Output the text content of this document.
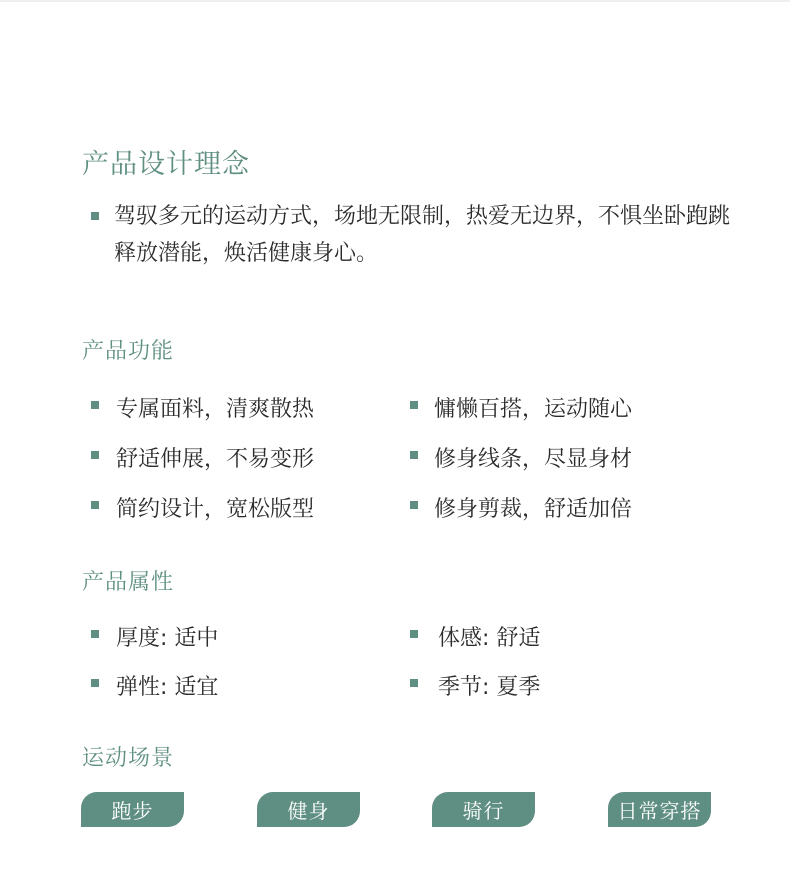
产品设计理念
驾驭多元的运动方式，场地无限制，热爱无边界，不惧坐卧跑跳释放潜能，焕活健康身心。
产品功能
专属面料，清爽散热	慵懒百搭，运动随心
舒适伸展，不易变形	修身线条，尽显身材
简约设计，宽松版型	修身剪裁，舒适加倍
产品属性
厚度: 适中	体感: 舒适
弹性: 适宜	季节: 夏季
运动场景
跑步	健身	骑行	日常穿搭
